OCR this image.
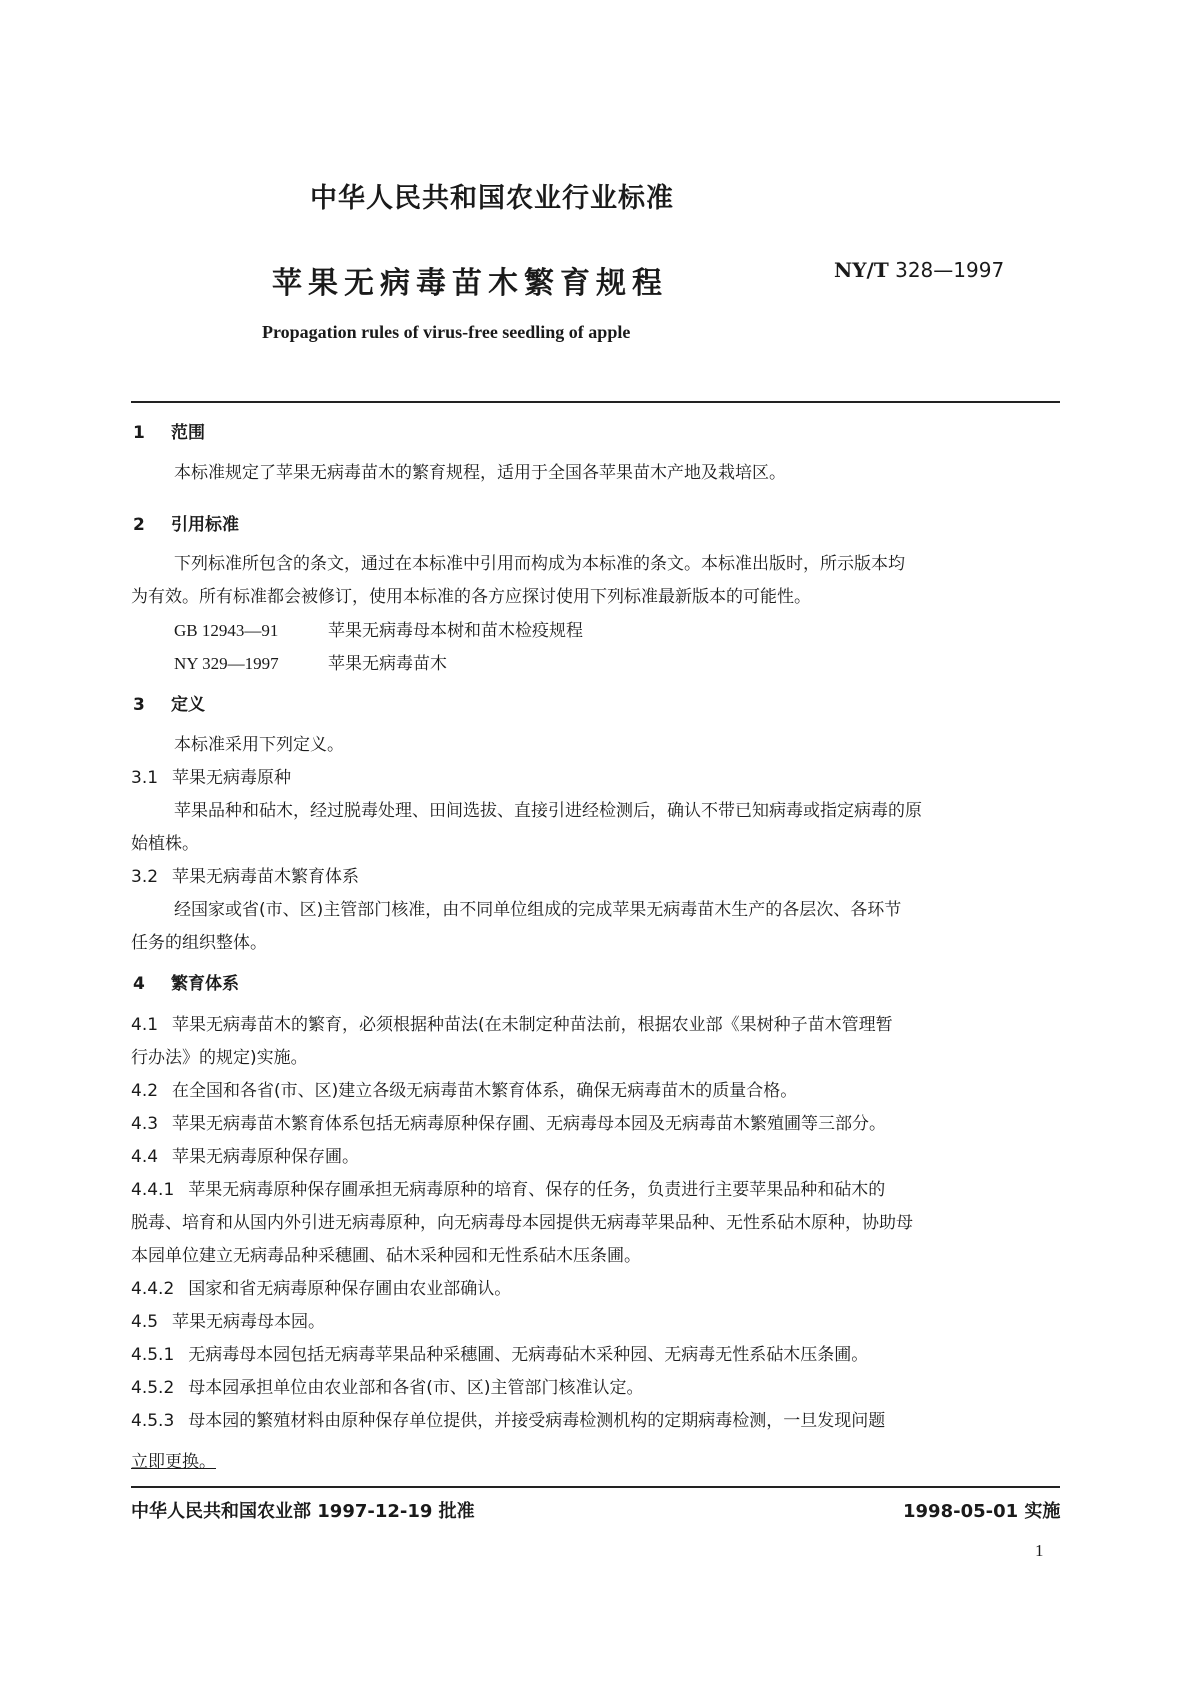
中华人民共和国农业行业标准
苹果无病毒苗木繁育规程	NY/T 328—1997
Propagation rules of virus-free seedling of apple
1 范围
本标准规定了苹果无病毒苗木的繁育规程，适用于全国各苹果苗木产地及栽培区。
2 引用标准
下列标准所包含的条文，通过在本标准中引用而构成为本标准的条文。本标准出版时，所示版本均
为有效。所有标准都会被修订，使用本标准的各方应探讨使用下列标准最新版本的可能性。
GB 12943—91	苹果无病毒母本树和苗木检疫规程
NY 329—1997	苹果无病毒苗木
3 定义
本标准采用下列定义。
3.1 苹果无病毒原种
苹果品种和砧木，经过脱毒处理、田间选拔、直接引进经检测后，确认不带已知病毒或指定病毒的原
始植株。
3.2 苹果无病毒苗木繁育体系
经国家或省(市、区)主管部门核准，由不同单位组成的完成苹果无病毒苗木生产的各层次、各环节
任务的组织整体。
4 繁育体系
4.1 苹果无病毒苗木的繁育，必须根据种苗法(在未制定种苗法前，根据农业部《果树种子苗木管理暂
行办法》的规定)实施。
4.2 在全国和各省(市、区)建立各级无病毒苗木繁育体系，确保无病毒苗木的质量合格。
4.3 苹果无病毒苗木繁育体系包括无病毒原种保存圃、无病毒母本园及无病毒苗木繁殖圃等三部分。
4.4 苹果无病毒原种保存圃。
4.4.1 苹果无病毒原种保存圃承担无病毒原种的培育、保存的任务，负责进行主要苹果品种和砧木的
脱毒、培育和从国内外引进无病毒原种，向无病毒母本园提供无病毒苹果品种、无性系砧木原种，协助母
本园单位建立无病毒品种采穗圃、砧木采种园和无性系砧木压条圃。
4.4.2 国家和省无病毒原种保存圃由农业部确认。
4.5 苹果无病毒母本园。
4.5.1 无病毒母本园包括无病毒苹果品种采穗圃、无病毒砧木采种园、无病毒无性系砧木压条圃。
4.5.2 母本园承担单位由农业部和各省(市、区)主管部门核准认定。
4.5.3 母本园的繁殖材料由原种保存单位提供，并接受病毒检测机构的定期病毒检测，一旦发现问题
立即更换。
中华人民共和国农业部 1997-12-19 批准	1998-05-01 实施
1
